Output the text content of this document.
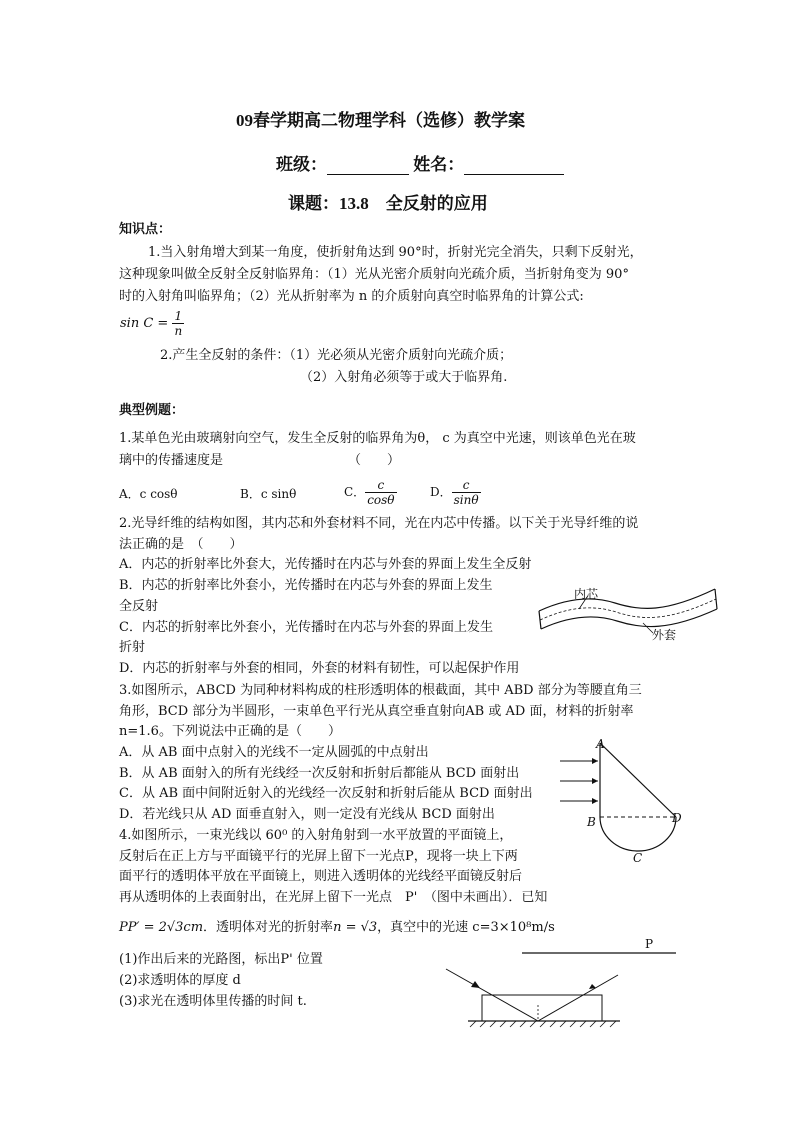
09春学期高二物理学科（选修）教学案
班级：	姓名：
课题：13.8　全反射的应用
知识点：
1.当入射角增大到某一角度，使折射角达到 90°时，折射光完全消失，只剩下反射光，
这种现象叫做全反射全反射临界角：（1）光从光密介质射向光疏介质，当折射角变为 90°
时的入射角叫临界角；（2）光从折射率为 n 的介质射向真空时临界角的计算公式:
$\sin C = \frac{1}{n}$
2.产生全反射的条件：（1）光必须从光密介质射向光疏介质；
（2）入射角必须等于或大于临界角.
典型例题：
1.某单色光由玻璃射向空气，发生全反射的临界角为θ， c 为真空中光速，则该单色光在玻
璃中的传播速度是	（　　）
A．c cosθ	B．c sinθ	C． $\frac{c}{\cos\theta}$	D． $\frac{c}{\sin\theta}$
2.光导纤维的结构如图，其内芯和外套材料不同，光在内芯中传播。以下关于光导纤维的说
法正确的是　（　　）
A．内芯的折射率比外套大，光传播时在内芯与外套的界面上发生全反射
B．内芯的折射率比外套小，光传播时在内芯与外套的界面上发生
全反射
C．内芯的折射率比外套小，光传播时在内芯与外套的界面上发生
折射
D．内芯的折射率与外套的相同，外套的材料有韧性，可以起保护作用
内芯
外套
3.如图所示，ABCD 为同种材料构成的柱形透明体的根截面，其中 ABD 部分为等腰直角三
角形，BCD 部分为半圆形，一束单色平行光从真空垂直射向AB 或 AD 面，材料的折射率
n=1.6。下列说法中正确的是（　　）
A．从 AB 面中点射入的光线不一定从圆弧的中点射出
B．从 AB 面射入的所有光线经一次反射和折射后都能从 BCD 面射出
C．从 AB 面中间附近射入的光线经一次反射和折射后能从 BCD 面射出
D．若光线只从 AD 面垂直射入，则一定没有光线从 BCD 面射出
A
B
C
D
4.如图所示，一束光线以 60⁰ 的入射角射到一水平放置的平面镜上，
反射后在正上方与平面镜平行的光屏上留下一光点P，现将一块上下两
面平行的透明体平放在平面镜上，则进入透明体的光线经平面镜反射后
再从透明体的上表面射出，在光屏上留下一光点　P'　（图中未画出）．已知
PP′ = 2√3cm．透明体对光的折射率n = √3，真空中的光速 c=3×10⁸m/s
(1)作出后来的光路图，标出P' 位置
(2)求透明体的厚度 d
(3)求光在透明体里传播的时间 t.
P
